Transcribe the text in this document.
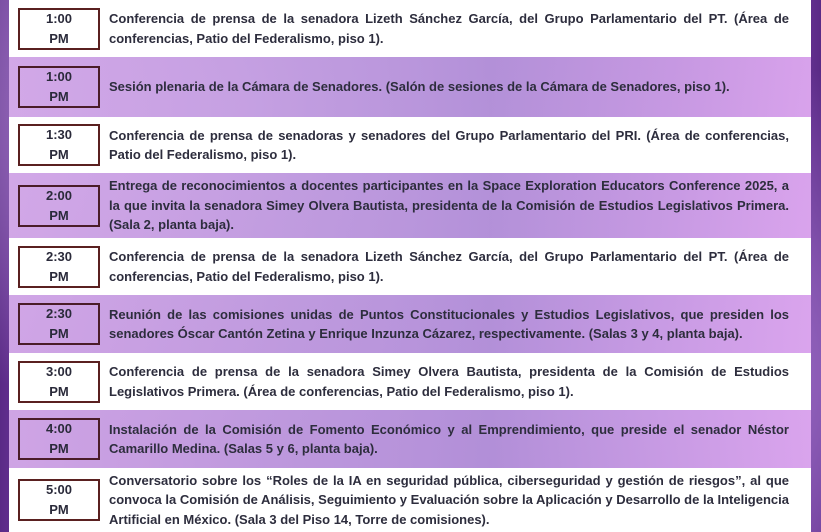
1:00
PM
Conferencia de prensa de la senadora Lizeth Sánchez García, del Grupo Parlamentario del PT. (Área de conferencias, Patio del Federalismo, piso 1).
1:00
PM
Sesión plenaria de la Cámara de Senadores. (Salón de sesiones de la Cámara de Senadores, piso 1).
1:30
PM
Conferencia de prensa de senadoras y senadores del Grupo Parlamentario del PRI. (Área de conferencias, Patio del Federalismo, piso 1).
2:00
PM
Entrega de reconocimientos a docentes participantes en la Space Exploration Educators Conference 2025, a la que invita la senadora Simey Olvera Bautista, presidenta de la Comisión de Estudios Legislativos Primera. (Sala 2, planta baja).
2:30
PM
Conferencia de prensa de la senadora Lizeth Sánchez García, del Grupo Parlamentario del PT. (Área de conferencias, Patio del Federalismo, piso 1).
2:30
PM
Reunión de las comisiones unidas de Puntos Constitucionales y Estudios Legislativos, que presiden los senadores Óscar Cantón Zetina y Enrique Inzunza Cázarez, respectivamente. (Salas 3 y 4, planta baja).
3:00
PM
Conferencia de prensa de la senadora Simey Olvera Bautista, presidenta de la Comisión de Estudios Legislativos Primera. (Área de conferencias, Patio del Federalismo, piso 1).
4:00
PM
Instalación de la Comisión de Fomento Económico y al Emprendimiento, que preside el senador Néstor Camarillo Medina. (Salas 5 y 6, planta baja).
5:00
PM
Conversatorio sobre los “Roles de la IA en seguridad pública, ciberseguridad y gestión de riesgos”, al que convoca la Comisión de Análisis, Seguimiento y Evaluación sobre la Aplicación y Desarrollo de la Inteligencia Artificial en México. (Sala 3 del Piso 14, Torre de comisiones).
